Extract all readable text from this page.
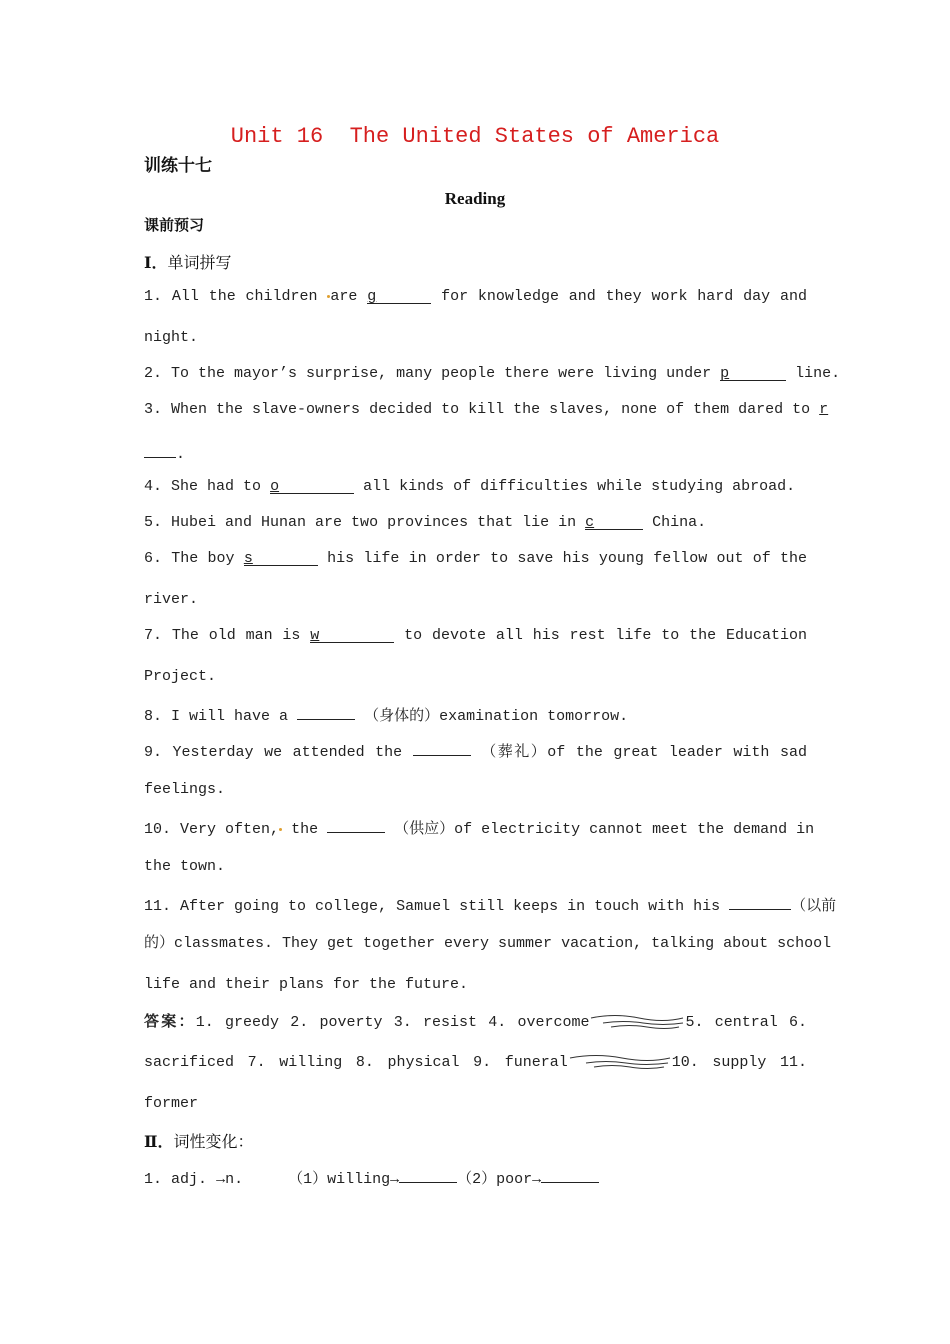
Unit 16  The United States of America
训练十七
Reading
课前预习
Ⅰ．单词拼写
1. All the children are g	for knowledge and they work hard day and
night.
2. To the mayor’s surprise, many people there were living under p	line.
3. When the slave-owners decided to kill the slaves, none of them dared to r
.
4. She had to o	all kinds of difficulties while studying abroad.
5. Hubei and Hunan are two provinces that lie in c	China.
6. The boy s	his life in order to save his young fellow out of the
river.
7. The old man is w	to devote all his rest life to the Education
Project.
8. I will have a	（身体的）examination tomorrow.
9. Yesterday we attended the	（葬礼）of the great leader with sad
feelings.
10. Very often, the	（供应）of electricity cannot meet the demand in
the town.
11. After going to college, Samuel still keeps in touch with his	（以前
的）classmates. They get together every summer vacation, talking about school
life and their plans for the future.
答案：1. greedy 2. poverty 3. resist 4. overcome	5. central 6.
sacrificed 7. willing 8. physical 9. funeral	10. supply 11.
former
Ⅱ．词性变化：
1. adj. →n.	（1）willing→	（2）poor→
